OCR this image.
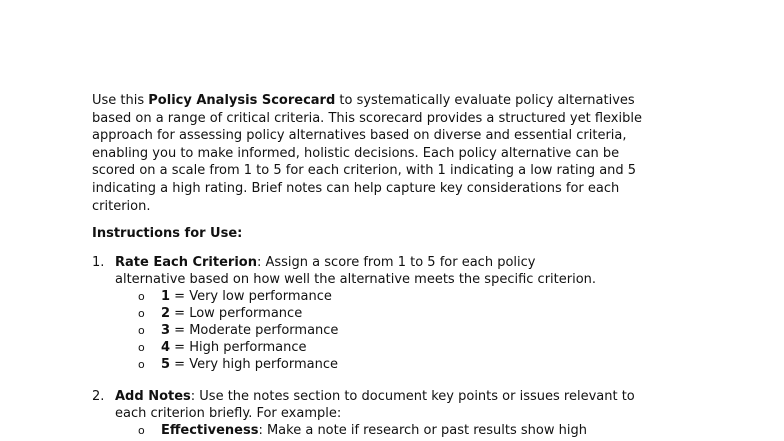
Use this Policy Analysis Scorecard to systematically evaluate policy alternatives
based on a range of critical criteria. This scorecard provides a structured yet flexible
approach for assessing policy alternatives based on diverse and essential criteria,
enabling you to make informed, holistic decisions. Each policy alternative can be
scored on a scale from 1 to 5 for each criterion, with 1 indicating a low rating and 5
indicating a high rating. Brief notes can help capture key considerations for each
criterion.
Instructions for Use:
1. Rate Each Criterion: Assign a score from 1 to 5 for each policy
alternative based on how well the alternative meets the specific criterion.
o 1 = Very low performance
o 2 = Low performance
o 3 = Moderate performance
o 4 = High performance
o 5 = Very high performance
2. Add Notes: Use the notes section to document key points or issues relevant to
each criterion briefly. For example:
o Effectiveness: Make a note if research or past results show high
